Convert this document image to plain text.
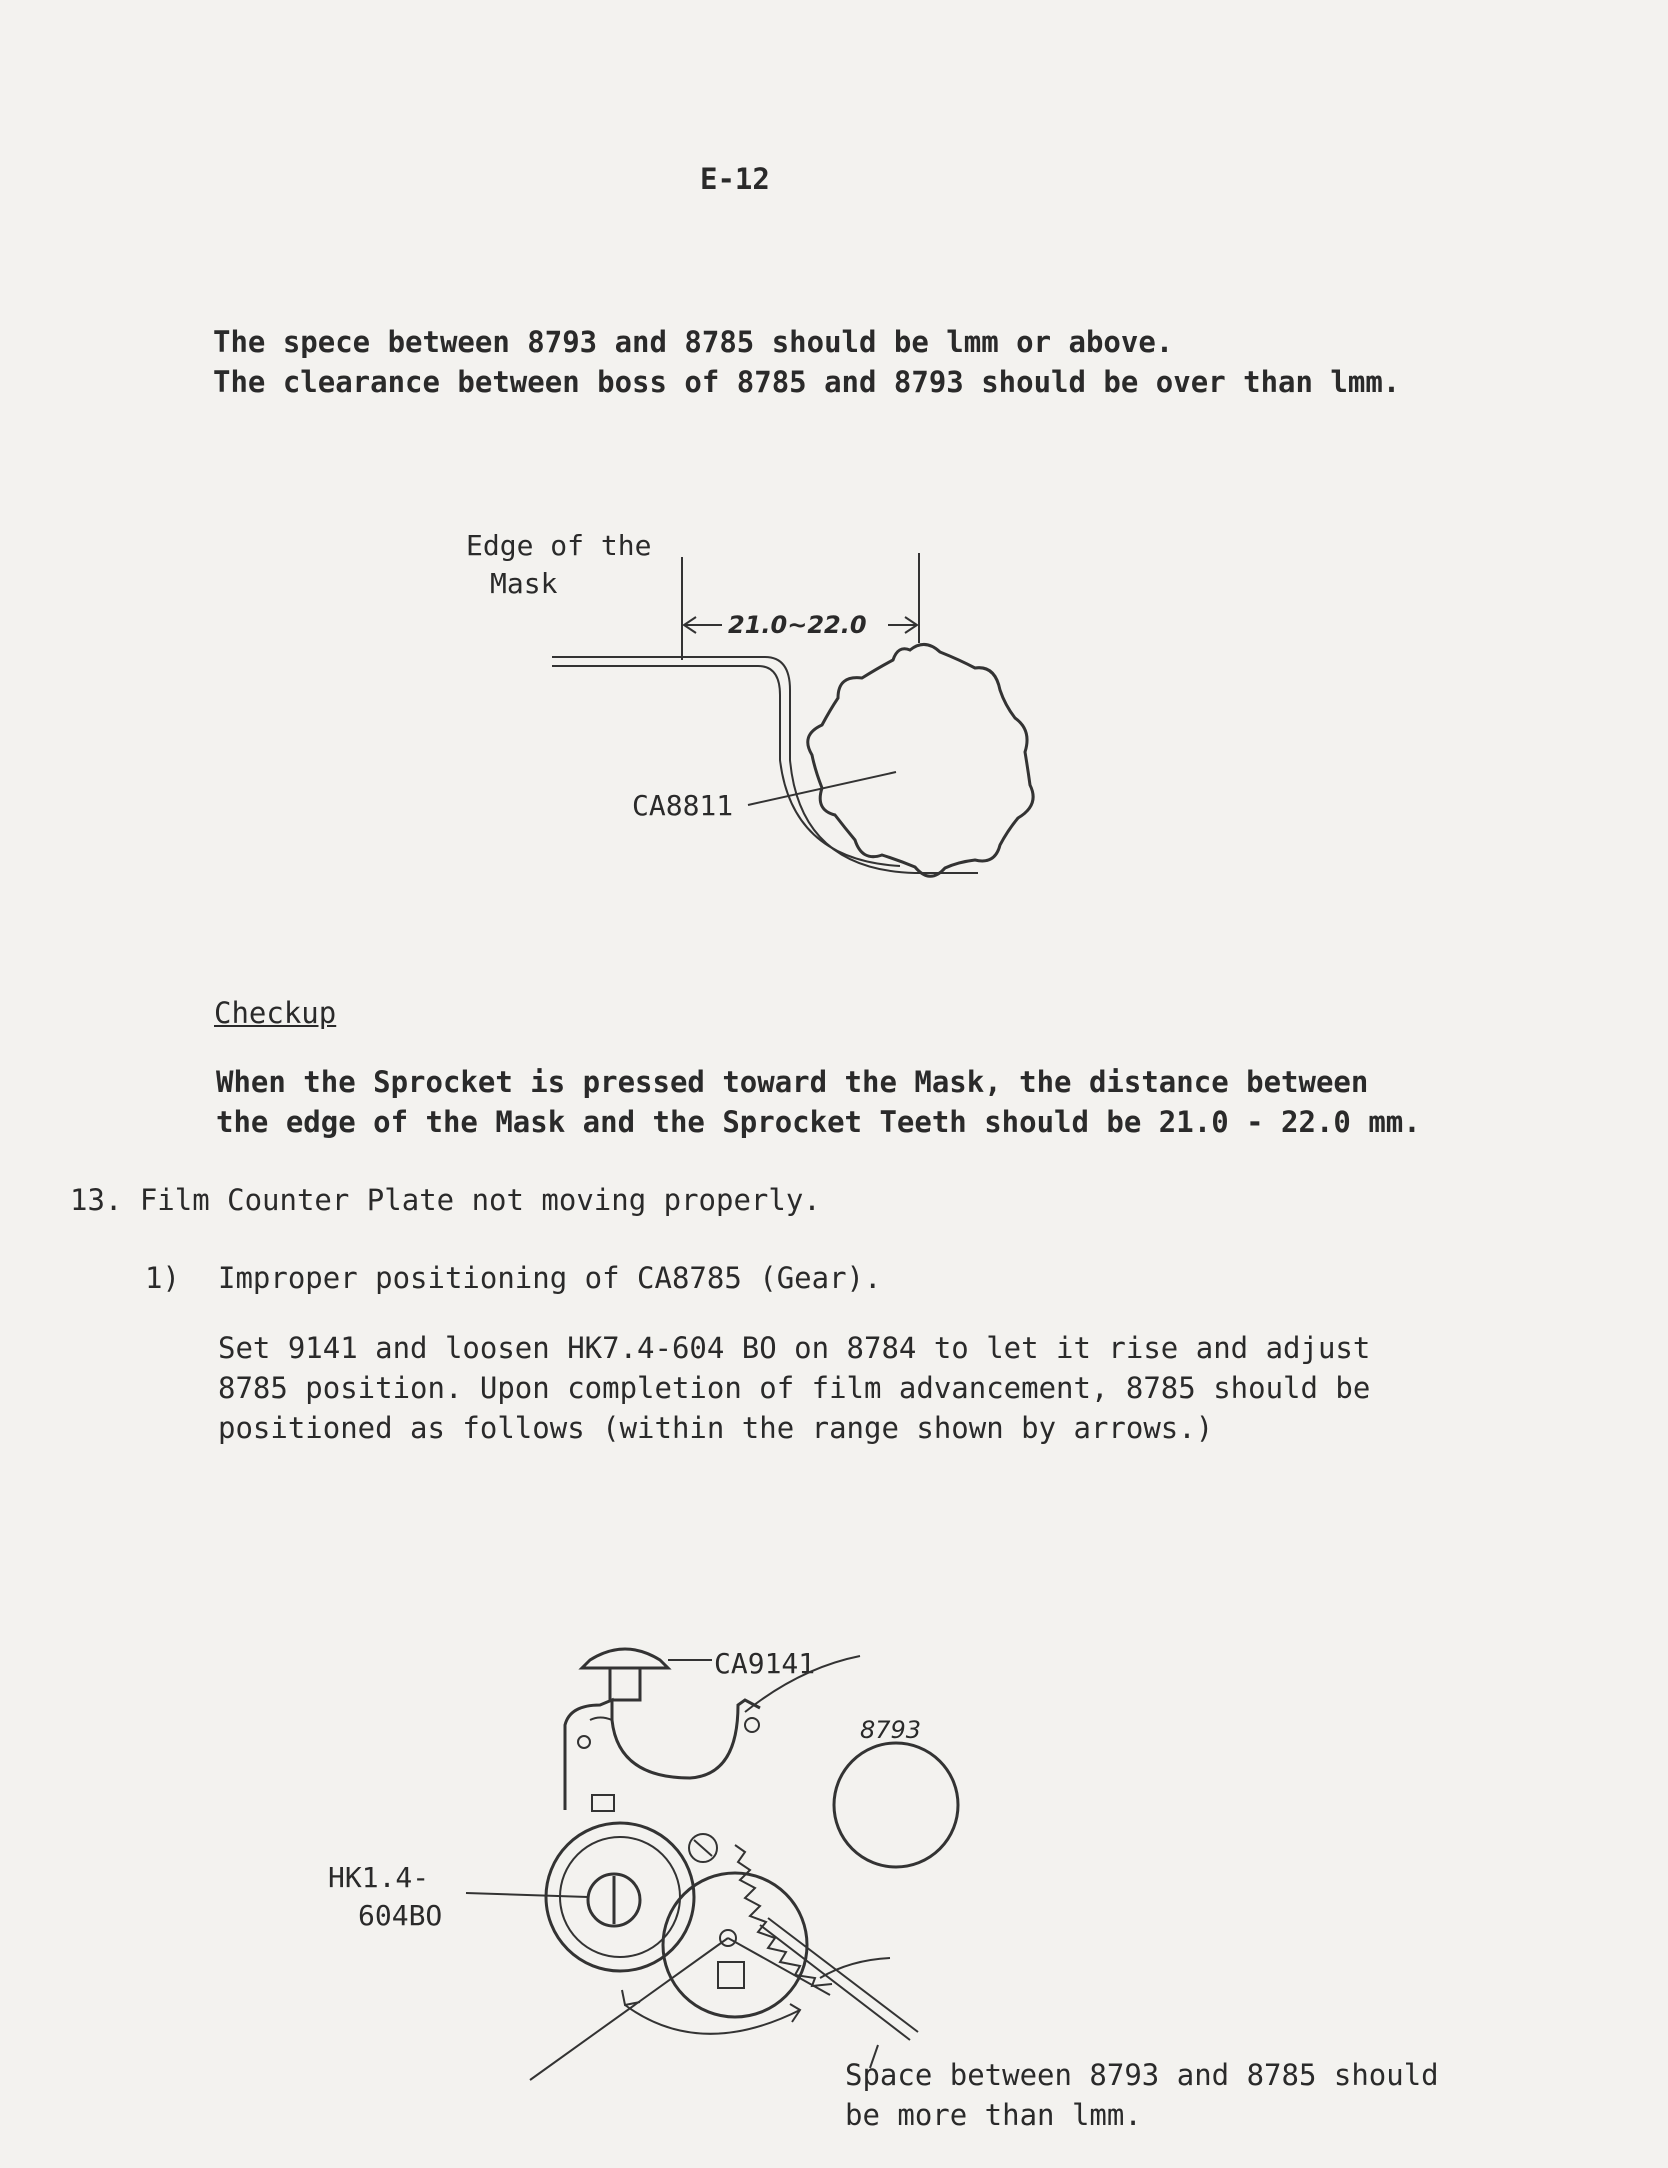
E-12
The spece between 8793 and 8785 should be lmm or above.
The clearance between boss of 8785 and 8793 should be over than lmm.
Edge of the
Mask
21.0~22.0
CA8811
Checkup
When the Sprocket is pressed toward the Mask, the distance between
the edge of the Mask and the Sprocket Teeth should be 21.0 - 22.0 mm.
13. Film Counter Plate not moving properly.
1) Improper positioning of CA8785 (Gear).
Set 9141 and loosen HK7.4-604 BO on 8784 to let it rise and adjust
8785 position. Upon completion of film advancement, 8785 should be
positioned as follows (within the range shown by arrows.)
CA9141
8793
HK1.4-
604BO
Space between 8793 and 8785 should
be more than lmm.
